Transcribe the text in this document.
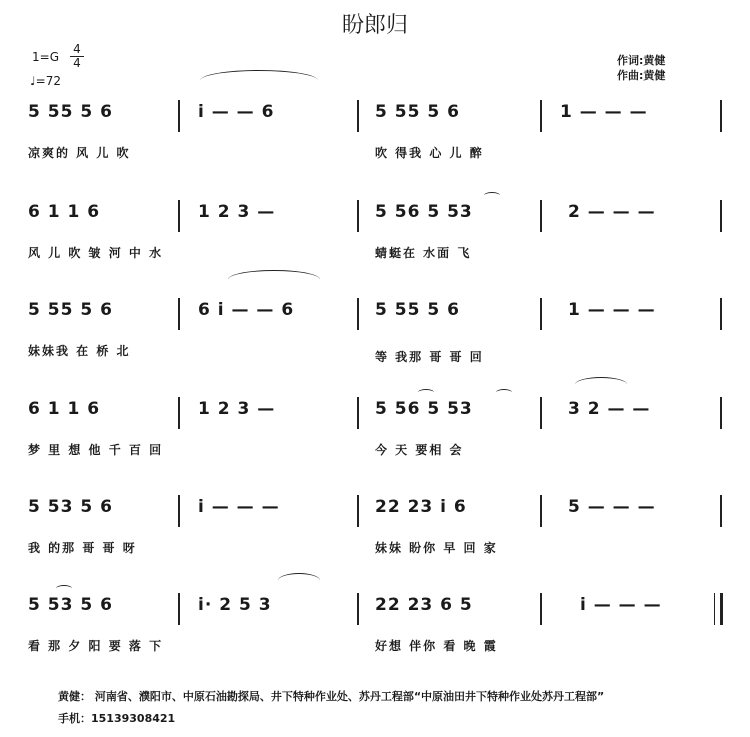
盼郎归
1=G
4
4
♩=72
作词:黄健
作曲:黄健
5 55 5 6	i — — 6	5 55 5 6	1 — — —
凉爽的 风 儿 吹	吹 得我 心 儿 醉
6 1 1 6	1 2 3 —	5 56 5 53	2 — — —
风 儿 吹 皱 河 中 水	蜻蜓在 水面 飞
5 55 5 6	6 i — — 6	5 55 5 6	1 — — —
妹妹我 在 桥 北	等 我那 哥 哥 回
6 1 1 6	1 2 3 —	5 56 5 53	3 2 — —
梦 里 想 他 千 百 回	今 天 要相 会
5 53 5 6	i — — —	22 23 i 6	5 — — —
我 的那 哥 哥 呀	妹妹 盼你 早 回 家
5 53 5 6	i· 2 5 3	22 23 6 5	i — — —
看 那 夕 阳 要 落 下	好想 伴你 看 晚 霞
黄健： 河南省、濮阳市、中原石油勘探局、井下特种作业处、苏丹工程部“中原油田井下特种作业处苏丹工程部”
手机：15139308421
